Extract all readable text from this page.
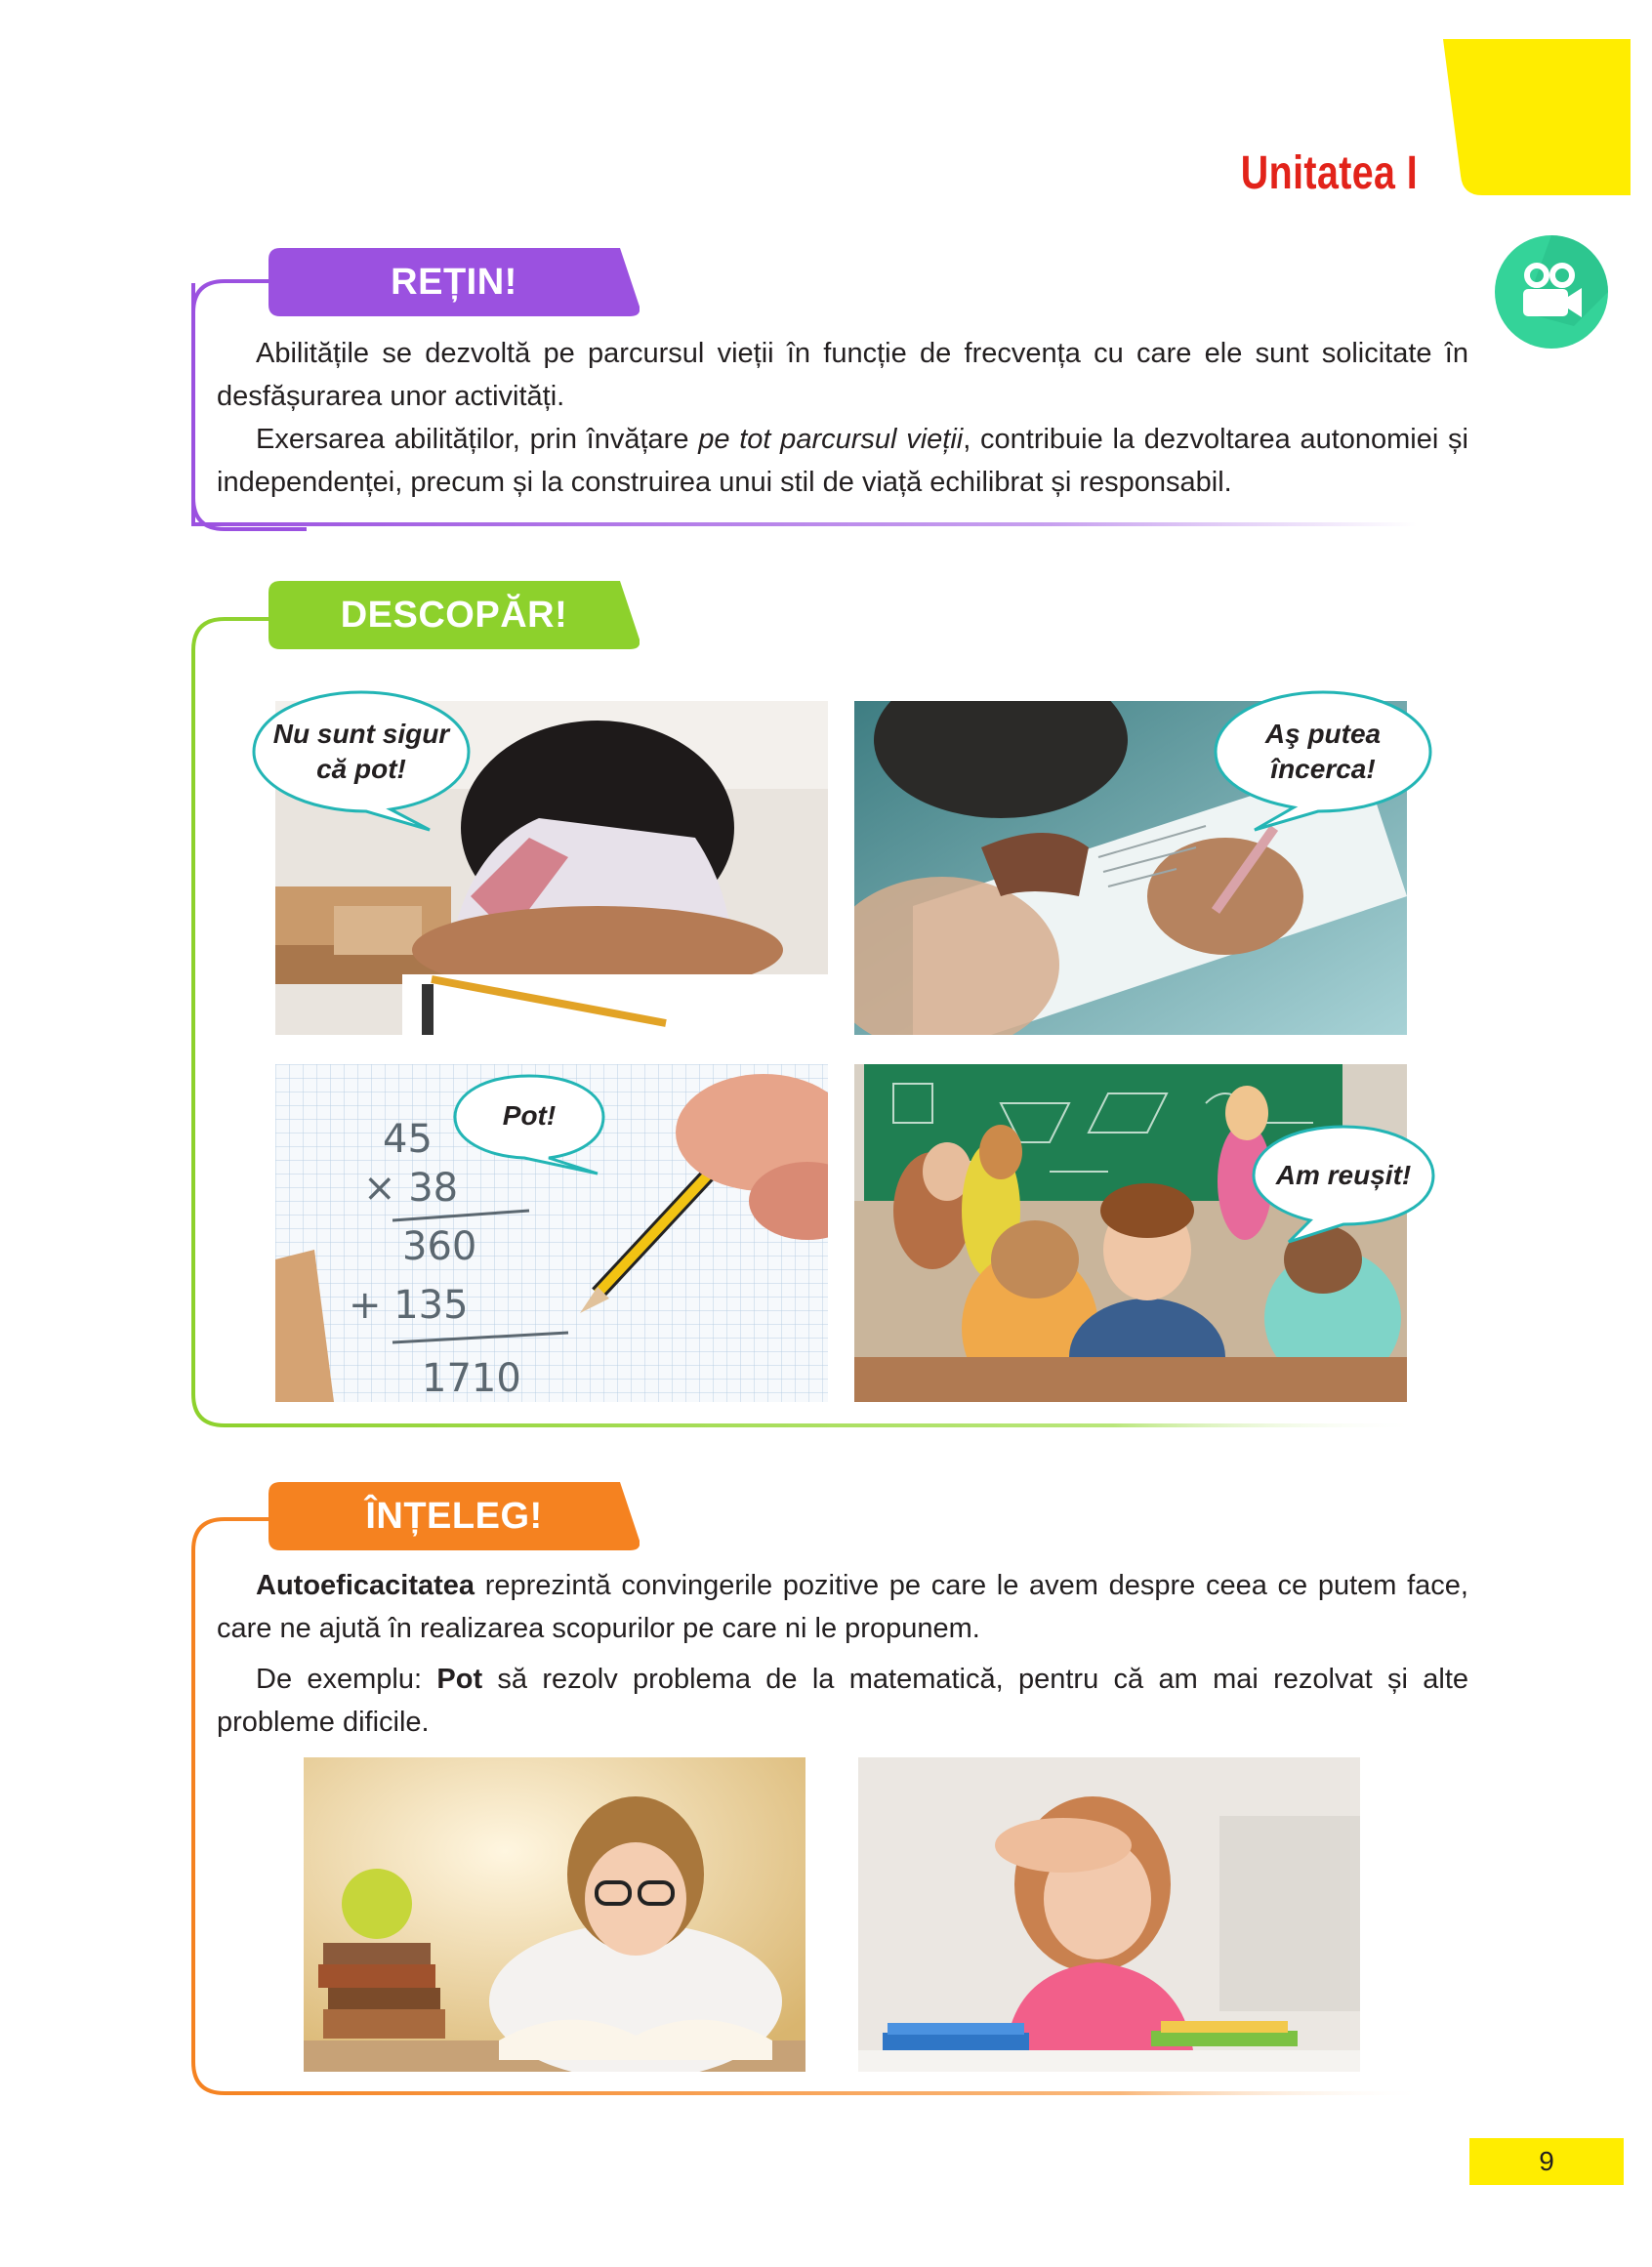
Unitatea I
REȚIN!

Abilitățile se dezvoltă pe parcursul vieții în funcție de frecvența cu care ele sunt solicitate în desfășurarea unor activități.

Exersarea abilităților, prin învățare pe tot parcursul vieții, contribuie la dezvoltarea autonomiei și independenței, precum și la construirea unui stil de viață echilibrat și responsabil.

DESCOPĂR!
45
× 38
360
+ 135
1710
Nu sunt sigur
că pot!
Aş putea
încerca!
Pot!
Am reușit!
ÎNȚELEG!

Autoeficacitatea reprezintă convingerile pozitive pe care le avem despre ceea ce putem face, care ne ajută în realizarea scopurilor pe care ni le propunem.

De exemplu: Pot să rezolv problema de la matematică, pentru că am mai rezolvat și alte probleme dificile.

9
